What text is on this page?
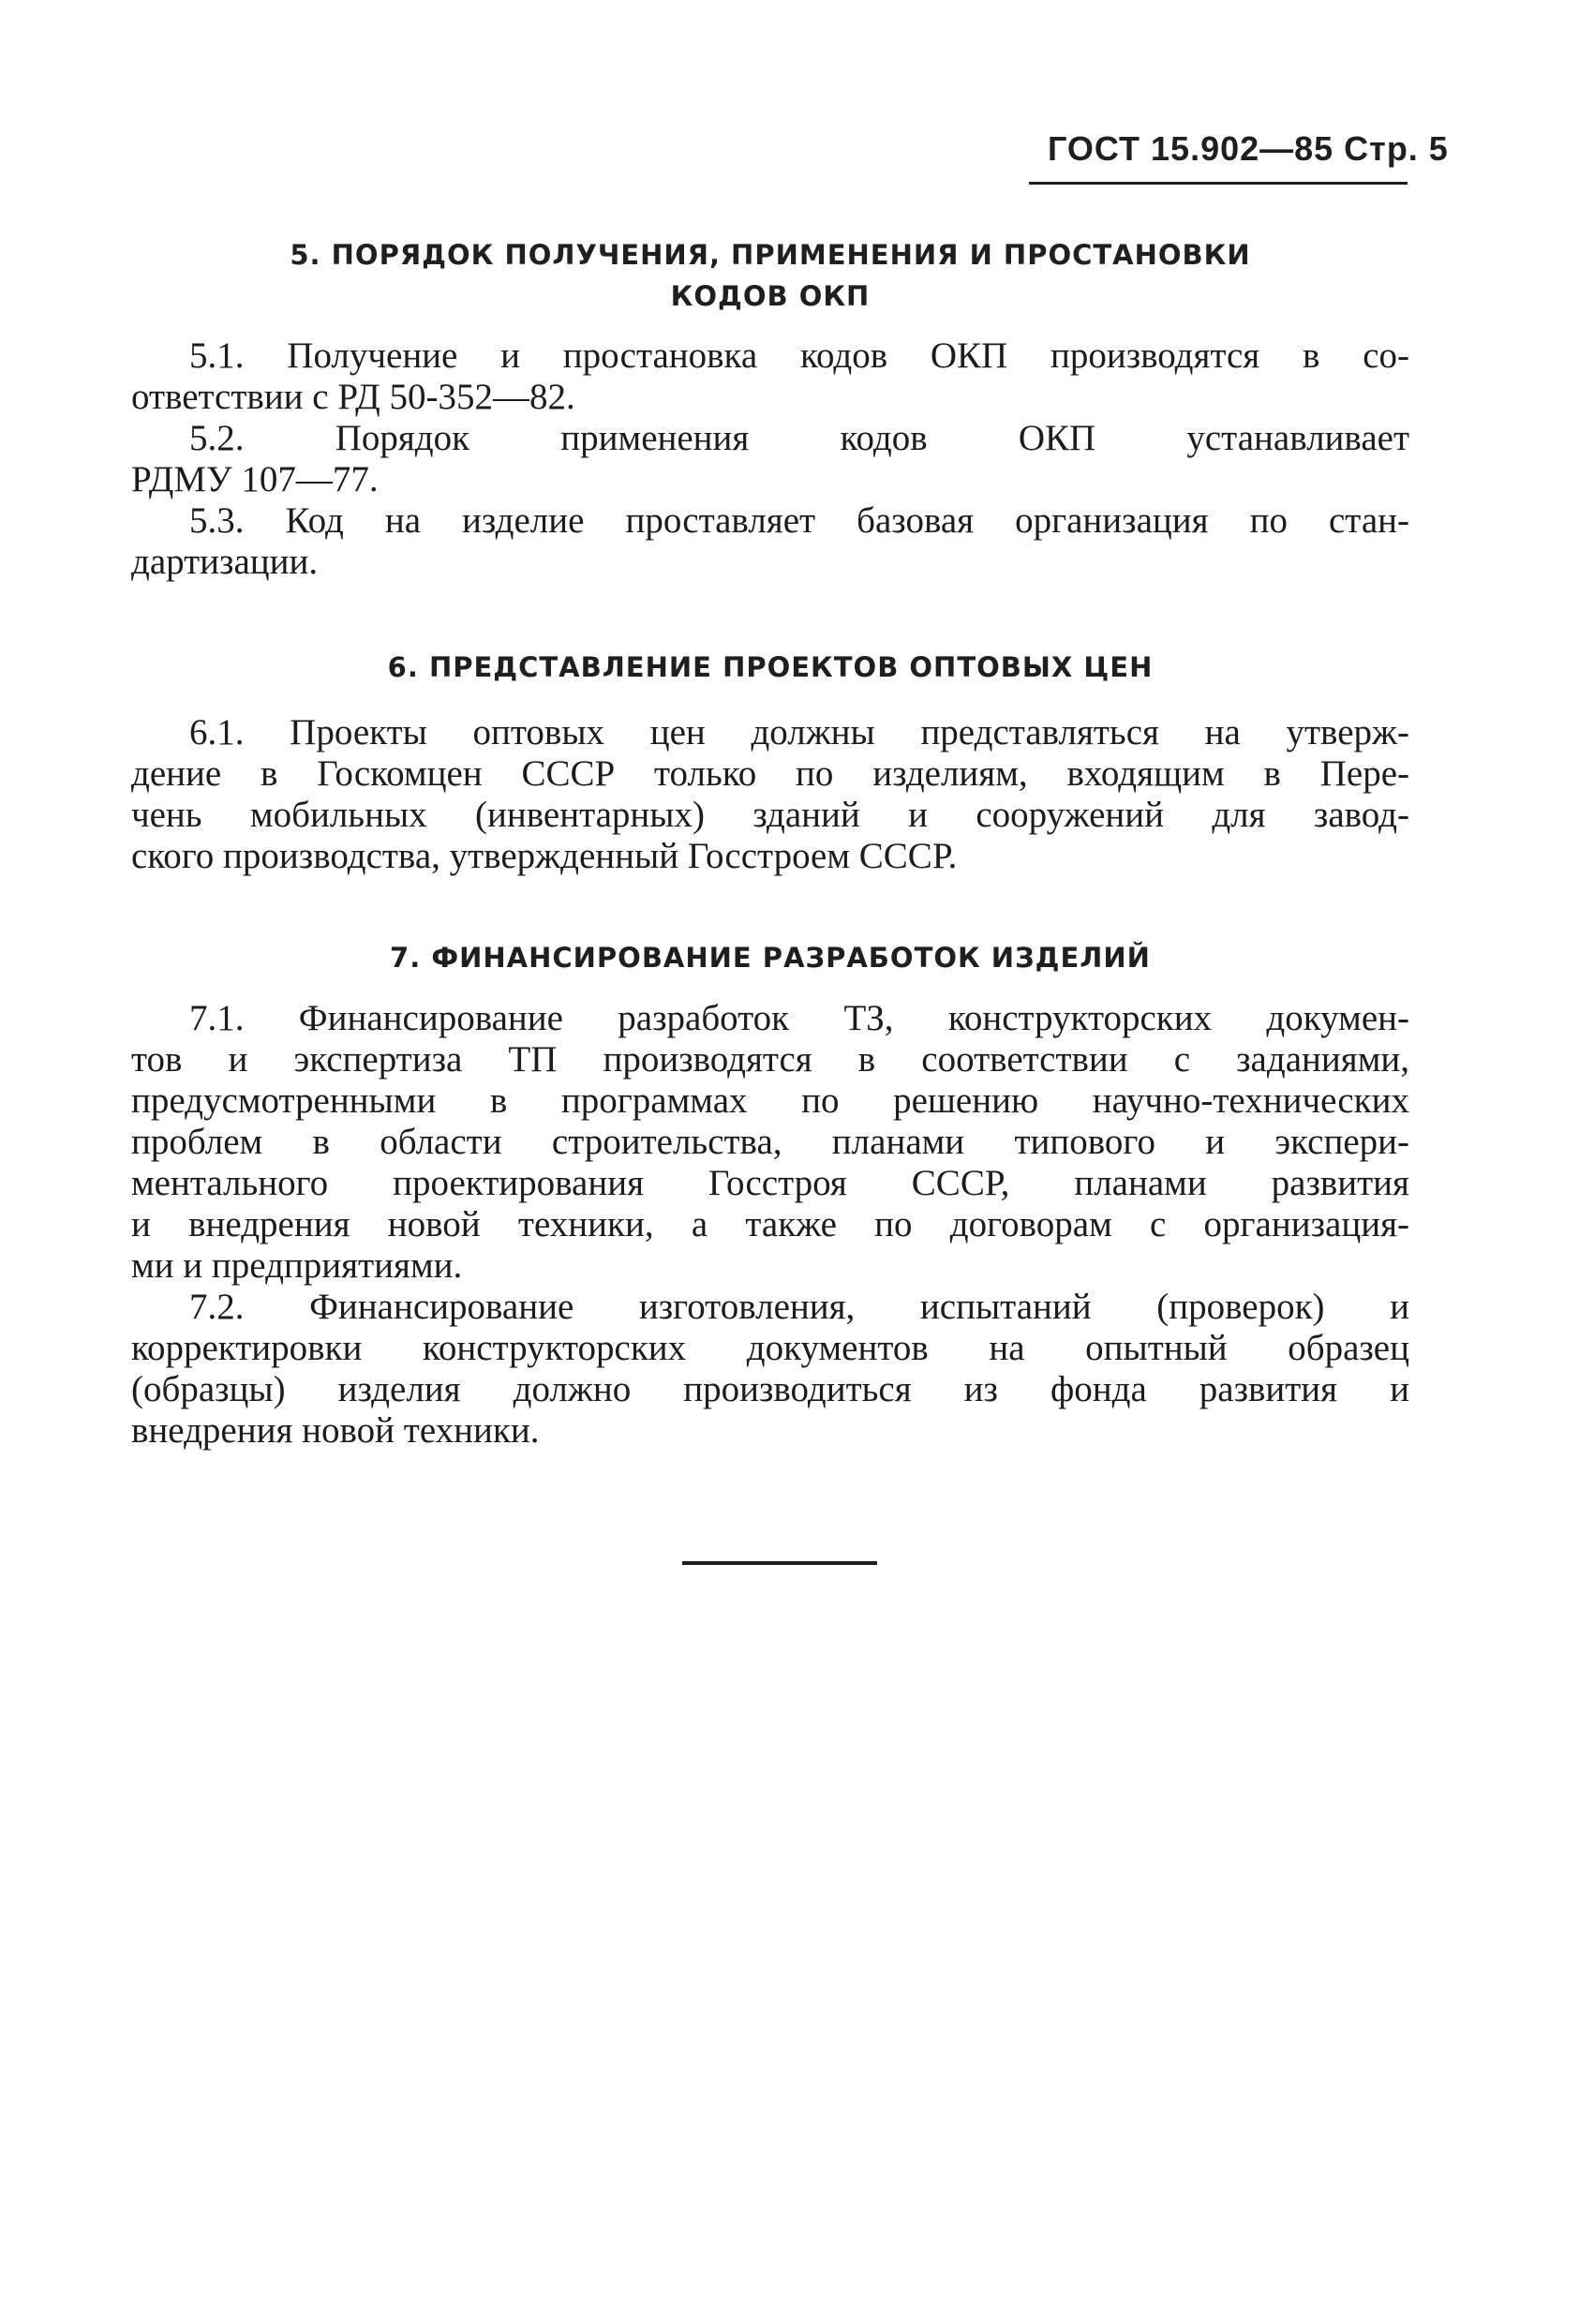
ГОСТ 15.902—85 Стр. 5
5. ПОРЯДОК ПОЛУЧЕНИЯ, ПРИМЕНЕНИЯ И ПРОСТАНОВКИ
КОДОВ ОКП
5.1. Получение и простановка кодов ОКП производятся в со-
ответствии с РД 50-352—82.
5.2. Порядок применения кодов ОКП устанавливает
РДМУ 107—77.
5.3. Код на изделие проставляет базовая организация по стан-
дартизации.
6. ПРЕДСТАВЛЕНИЕ ПРОЕКТОВ ОПТОВЫХ ЦЕН
6.1. Проекты оптовых цен должны представляться на утверж-
дение в Госкомцен СССР только по изделиям, входящим в Пере-
чень мобильных (инвентарных) зданий и сооружений для завод-
ского производства, утвержденный Госстроем СССР.
7. ФИНАНСИРОВАНИЕ РАЗРАБОТОК ИЗДЕЛИЙ
7.1. Финансирование разработок ТЗ, конструкторских докумен-
тов и экспертиза ТП производятся в соответствии с заданиями,
предусмотренными в программах по решению научно-технических
проблем в области строительства, планами типового и экспери-
ментального проектирования Госстроя СССР, планами развития
и внедрения новой техники, а также по договорам с организация-
ми и предприятиями.
7.2. Финансирование изготовления, испытаний (проверок) и
корректировки конструкторских документов на опытный образец
(образцы) изделия должно производиться из фонда развития и
внедрения новой техники.
